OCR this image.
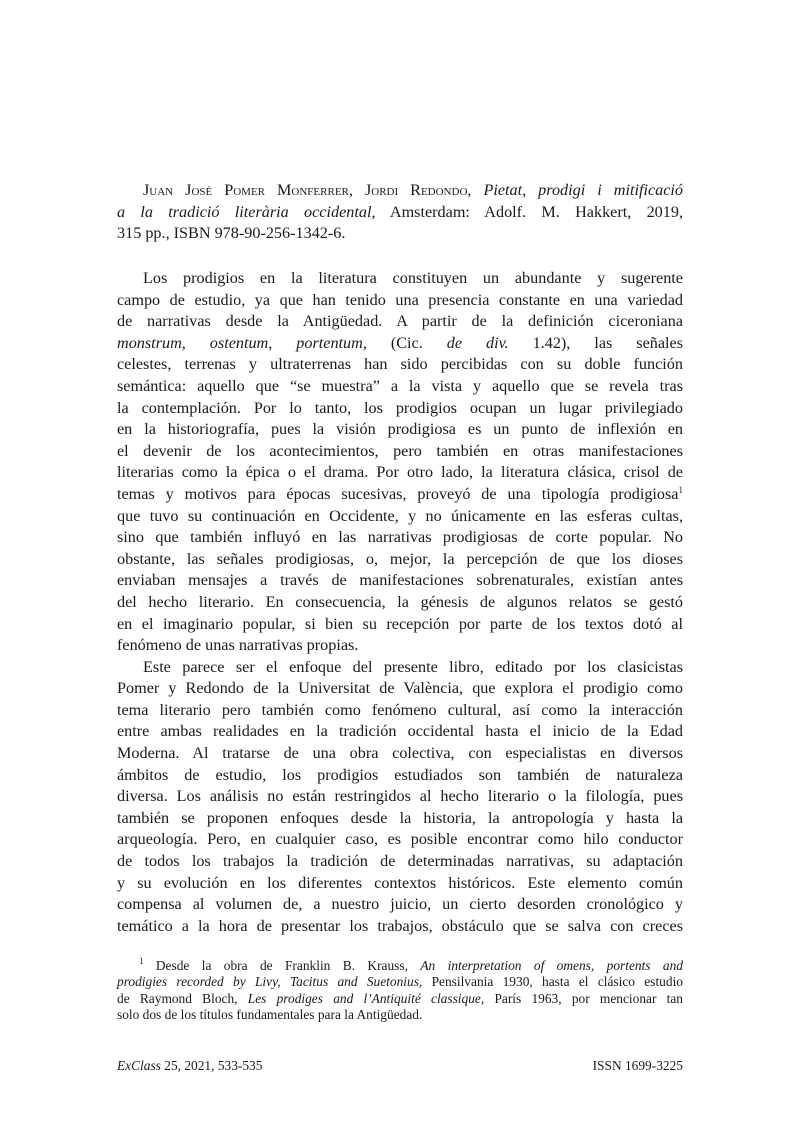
Juan José Pomer Monferrer, Jordi Redondo, Pietat, prodigi i mitificació
a la tradició literària occidental, Amsterdam: Adolf. M. Hakkert, 2019,
315 pp., ISBN 978-90-256-1342-6.
Los prodigios en la literatura constituyen un abundante y sugerente
campo de estudio, ya que han tenido una presencia constante en una variedad
de narrativas desde la Antigüedad. A partir de la definición ciceroniana
monstrum, ostentum, portentum, (Cic. de div. 1.42), las señales
celestes, terrenas y ultraterrenas han sido percibidas con su doble función
semántica: aquello que “se muestra” a la vista y aquello que se revela tras
la contemplación. Por lo tanto, los prodigios ocupan un lugar privilegiado
en la historiografía, pues la visión prodigiosa es un punto de inflexión en
el devenir de los acontecimientos, pero también en otras manifestaciones
literarias como la épica o el drama. Por otro lado, la literatura clásica, crisol de
temas y motivos para épocas sucesivas, proveyó de una tipología prodigiosa$^1$
que tuvo su continuación en Occidente, y no únicamente en las esferas cultas,
sino que también influyó en las narrativas prodigiosas de corte popular. No
obstante, las señales prodigiosas, o, mejor, la percepción de que los dioses
enviaban mensajes a través de manifestaciones sobrenaturales, existían antes
del hecho literario. En consecuencia, la génesis de algunos relatos se gestó
en el imaginario popular, si bien su recepción por parte de los textos dotó al
fenómeno de unas narrativas propias.
Este parece ser el enfoque del presente libro, editado por los clasicistas
Pomer y Redondo de la Universitat de València, que explora el prodigio como
tema literario pero también como fenómeno cultural, así como la interacción
entre ambas realidades en la tradición occidental hasta el inicio de la Edad
Moderna. Al tratarse de una obra colectiva, con especialistas en diversos
ámbitos de estudio, los prodigios estudiados son también de naturaleza
diversa. Los análisis no están restringidos al hecho literario o la filología, pues
también se proponen enfoques desde la historia, la antropología y hasta la
arqueología. Pero, en cualquier caso, es posible encontrar como hilo conductor
de todos los trabajos la tradición de determinadas narrativas, su adaptación
y su evolución en los diferentes contextos históricos. Este elemento común
compensa al volumen de, a nuestro juicio, un cierto desorden cronológico y
temático a la hora de presentar los trabajos, obstáculo que se salva con creces
$^1$ Desde la obra de Franklin B. Krauss, An interpretation of omens, portents and
prodigies recorded by Livy, Tacitus and Suetonius, Pensilvania 1930, hasta el clásico estudio
de Raymond Bloch, Les prodiges and l’Antiquité classique, París 1963, por mencionar tan
solo dos de los títulos fundamentales para la Antigüedad.
ExClass 25, 2021, 533-535	ISSN 1699-3225
